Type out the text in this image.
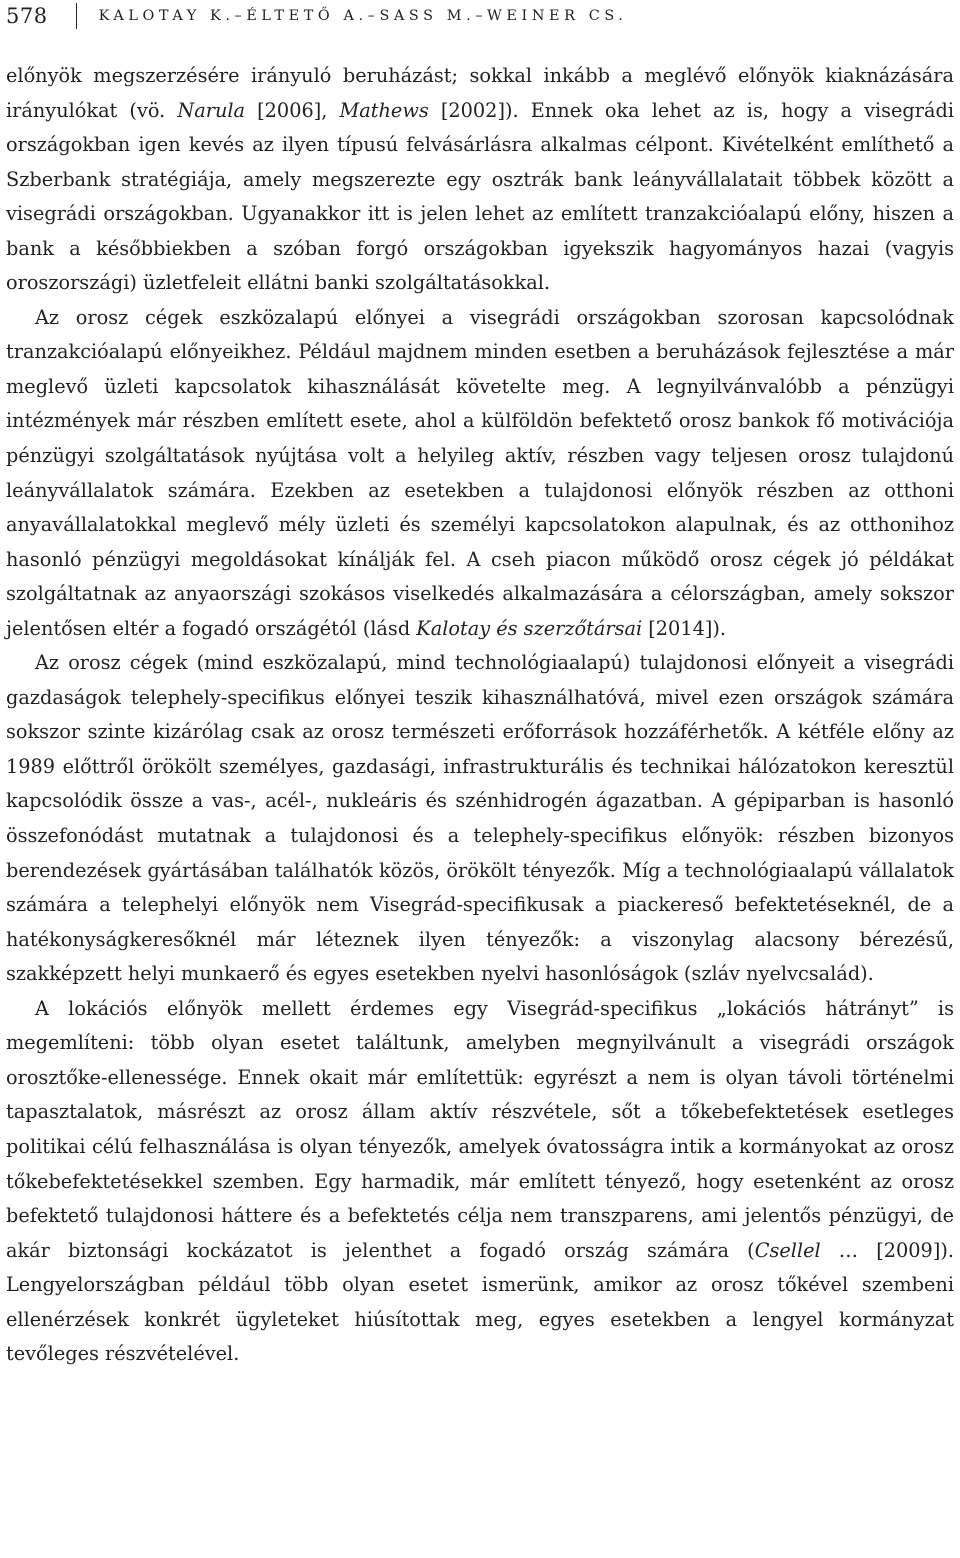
578	KALOTAY K.–ÉLTETŐ A.–SASS M.–WEINER CS.

előnyök megszerzésére irányuló beruházást; sokkal inkább a meglévő előnyök kiaknázására irányulókat (vö. Narula [2006], Mathews [2002]). Ennek oka lehet az is, hogy a visegrádi országokban igen kevés az ilyen típusú felvásárlásra alkalmas célpont. Kivételként említhető a Szberbank stratégiája, amely megszerezte egy osztrák bank leányvállalatait többek között a visegrádi országokban. Ugyanakkor itt is jelen lehet az említett tranzakcióalapú előny, hiszen a bank a későbbiekben a szóban forgó országokban igyekszik hagyományos hazai (vagyis oroszországi) üzletfeleit ellátni banki szolgáltatásokkal.

Az orosz cégek eszközalapú előnyei a visegrádi országokban szorosan kapcsolódnak tranzakcióalapú előnyeikhez. Például majdnem minden esetben a beruházások fejlesztése a már meglevő üzleti kapcsolatok kihasználását követelte meg. A legnyilvánvalóbb a pénzügyi intézmények már részben említett esete, ahol a külföldön befektető orosz bankok fő motivációja pénzügyi szolgáltatások nyújtása volt a helyileg aktív, részben vagy teljesen orosz tulajdonú leányvállalatok számára. Ezekben az esetekben a tulajdonosi előnyök részben az otthoni anyavállalatokkal meglevő mély üzleti és személyi kapcsolatokon alapulnak, és az otthonihoz hasonló pénzügyi megoldásokat kínálják fel. A cseh piacon működő orosz cégek jó példákat szolgáltatnak az anyaországi szokásos viselkedés alkalmazására a célországban, amely sokszor jelentősen eltér a fogadó országétól (lásd Kalotay és szerzőtársai [2014]).

Az orosz cégek (mind eszközalapú, mind technológiaalapú) tulajdonosi előnyeit a visegrádi gazdaságok telephely-specifikus előnyei teszik kihasználhatóvá, mivel ezen országok számára sokszor szinte kizárólag csak az orosz természeti erőforrások hozzáférhetők. A kétféle előny az 1989 előttről örökölt személyes, gazdasági, infrastrukturális és technikai hálózatokon keresztül kapcsolódik össze a vas-, acél-, nukleáris és szénhidrogén ágazatban. A gépiparban is hasonló összefonódást mutatnak a tulajdonosi és a telephely-specifikus előnyök: részben bizonyos berendezések gyártásában találhatók közös, örökölt tényezők. Míg a technológiaalapú vállalatok számára a telephelyi előnyök nem Visegrád-specifikusak a piackereső befektetéseknél, de a hatékonyságkeresőknél már léteznek ilyen tényezők: a viszonylag alacsony bérezésű, szakképzett helyi munkaerő és egyes esetekben nyelvi hasonlóságok (szláv nyelvcsalád).

A lokációs előnyök mellett érdemes egy Visegrád-specifikus „lokációs hátrányt” is megemlíteni: több olyan esetet találtunk, amelyben megnyilvánult a visegrádi országok orosztőke-ellenessége. Ennek okait már említettük: egyrészt a nem is olyan távoli történelmi tapasztalatok, másrészt az orosz állam aktív részvétele, sőt a tőkebefektetések esetleges politikai célú felhasználása is olyan tényezők, amelyek óvatosságra intik a kormányokat az orosz tőkebefektetésekkel szemben. Egy harmadik, már említett tényező, hogy esetenként az orosz befektető tulajdonosi háttere és a befektetés célja nem transzparens, ami jelentős pénzügyi, de akár biztonsági kockázatot is jelenthet a fogadó ország számára (Csellel … [2009]). Lengyelországban például több olyan esetet ismerünk, amikor az orosz tőkével szembeni ellenérzések konkrét ügyleteket hiúsítottak meg, egyes esetekben a lengyel kormányzat tevőleges részvételével.
